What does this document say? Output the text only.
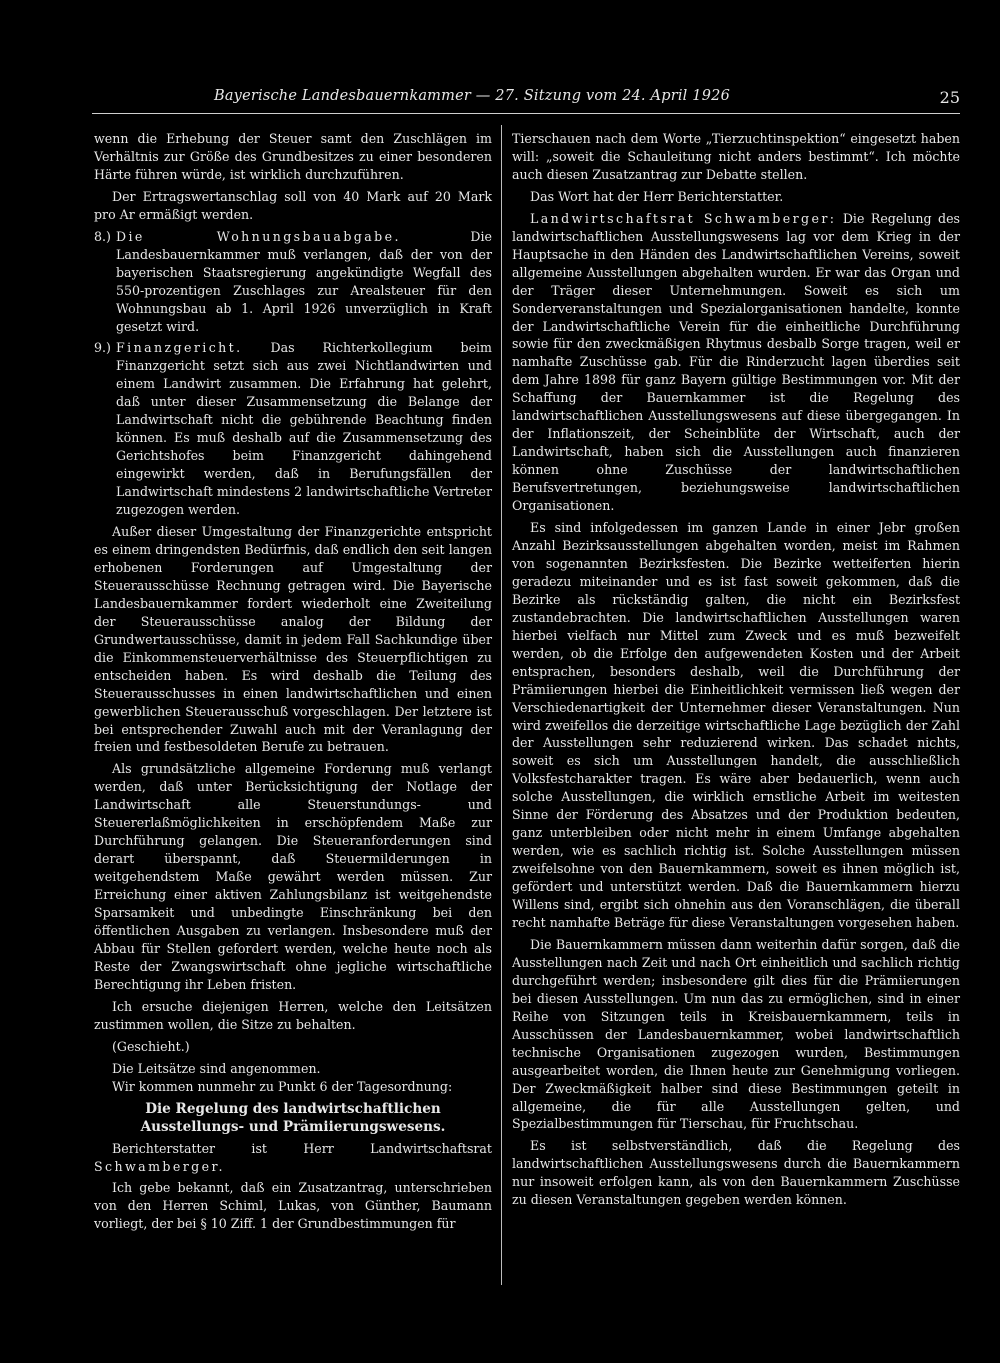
Bayerische Landesbauernkammer — 27. Sitzung vom 24. April 1926	25

wenn die Erhebung der Steuer samt den Zuschlägen im Verhältnis zur Größe des Grundbesitzes zu einer besonderen Härte führen würde, ist wirklich durchzuführen.

Der Ertragswertanschlag soll von 40 Mark auf 20 Mark pro Ar ermäßigt werden.

8.) Die Wohnungsbauabgabe. Die Landesbauernkammer muß verlangen, daß der von der bayerischen Staatsregierung angekündigte Wegfall des 550-prozentigen Zuschlages zur Arealsteuer für den Wohnungsbau ab 1. April 1926 unverzüglich in Kraft gesetzt wird.
9.) Finanzgericht. Das Richterkollegium beim Finanzgericht setzt sich aus zwei Nichtlandwirten und einem Landwirt zusammen. Die Erfahrung hat gelehrt, daß unter dieser Zusammensetzung die Belange der Landwirtschaft nicht die gebührende Beachtung finden können. Es muß deshalb auf die Zusammensetzung des Gerichtshofes beim Finanzgericht dahingehend eingewirkt werden, daß in Berufungsfällen der Landwirtschaft mindestens 2 landwirtschaftliche Vertreter zugezogen werden.

Außer dieser Umgestaltung der Finanzgerichte entspricht es einem dringendsten Bedürfnis, daß endlich den seit langen erhobenen Forderungen auf Umgestaltung der Steuerausschüsse Rechnung getragen wird. Die Bayerische Landesbauernkammer fordert wiederholt eine Zweiteilung der Steuerausschüsse analog der Bildung der Grundwertausschüsse, damit in jedem Fall Sachkundige über die Einkommensteuerverhältnisse des Steuerpflichtigen zu entscheiden haben. Es wird deshalb die Teilung des Steuerausschusses in einen landwirtschaftlichen und einen gewerblichen Steuerausschuß vorgeschlagen. Der letztere ist bei entsprechender Zuwahl auch mit der Veranlagung der freien und festbesoldeten Berufe zu betrauen.

Als grundsätzliche allgemeine Forderung muß verlangt werden, daß unter Berücksichtigung der Notlage der Landwirtschaft alle Steuerstundungs- und Steuererlaßmöglichkeiten in erschöpfendem Maße zur Durchführung gelangen. Die Steueranforderungen sind derart überspannt, daß Steuermilderungen in weitgehendstem Maße gewährt werden müssen. Zur Erreichung einer aktiven Zahlungsbilanz ist weitgehendste Sparsamkeit und unbedingte Einschränkung bei den öffentlichen Ausgaben zu verlangen. Insbesondere muß der Abbau für Stellen gefordert werden, welche heute noch als Reste der Zwangswirtschaft ohne jegliche wirtschaftliche Berechtigung ihr Leben fristen.

Ich ersuche diejenigen Herren, welche den Leitsätzen zustimmen wollen, die Sitze zu behalten.

(Geschieht.)

Die Leitsätze sind angenommen.

Wir kommen nunmehr zu Punkt 6 der Tagesordnung:

Die Regelung des landwirtschaftlichen Ausstellungs- und Prämiierungswesens.

Berichterstatter ist Herr Landwirtschaftsrat Schwamberger.

Ich gebe bekannt, daß ein Zusatzantrag, unterschrieben von den Herren Schiml, Lukas, von Günther, Baumann vorliegt, der bei § 10 Ziff. 1 der Grundbestimmungen für

Tierschauen nach dem Worte „Tierzuchtinspektion“ eingesetzt haben will: „soweit die Schauleitung nicht anders bestimmt“. Ich möchte auch diesen Zusatzantrag zur Debatte stellen.

Das Wort hat der Herr Berichterstatter.

Landwirtschaftsrat Schwamberger: Die Regelung des landwirtschaftlichen Ausstellungswesens lag vor dem Krieg in der Hauptsache in den Händen des Landwirtschaftlichen Vereins, soweit allgemeine Ausstellungen abgehalten wurden. Er war das Organ und der Träger dieser Unternehmungen. Soweit es sich um Sonderveranstaltungen und Spezialorganisationen handelte, konnte der Landwirtschaftliche Verein für die einheitliche Durchführung sowie für den zweckmäßigen Rhytmus desbalb Sorge tragen, weil er namhafte Zuschüsse gab. Für die Rinderzucht lagen überdies seit dem Jahre 1898 für ganz Bayern gültige Bestimmungen vor. Mit der Schaffung der Bauernkammer ist die Regelung des landwirtschaftlichen Ausstellungswesens auf diese übergegangen. In der Inflationszeit, der Scheinblüte der Wirtschaft, auch der Landwirtschaft, haben sich die Ausstellungen auch finanzieren können ohne Zuschüsse der landwirtschaftlichen Berufsvertretungen, beziehungsweise landwirtschaftlichen Organisationen.

Es sind infolgedessen im ganzen Lande in einer Jebr großen Anzahl Bezirksausstellungen abgehalten worden, meist im Rahmen von sogenannten Bezirksfesten. Die Bezirke wetteiferten hierin geradezu miteinander und es ist fast soweit gekommen, daß die Bezirke als rückständig galten, die nicht ein Bezirksfest zustandebrachten. Die landwirtschaftlichen Ausstellungen waren hierbei vielfach nur Mittel zum Zweck und es muß bezweifelt werden, ob die Erfolge den aufgewendeten Kosten und der Arbeit entsprachen, besonders deshalb, weil die Durchführung der Prämiierungen hierbei die Einheitlichkeit vermissen ließ wegen der Verschiedenartigkeit der Unternehmer dieser Veranstaltungen. Nun wird zweifellos die derzeitige wirtschaftliche Lage bezüglich der Zahl der Ausstellungen sehr reduzierend wirken. Das schadet nichts, soweit es sich um Ausstellungen handelt, die ausschließlich Volksfestcharakter tragen. Es wäre aber bedauerlich, wenn auch solche Ausstellungen, die wirklich ernstliche Arbeit im weitesten Sinne der Förderung des Absatzes und der Produktion bedeuten, ganz unterbleiben oder nicht mehr in einem Umfange abgehalten werden, wie es sachlich richtig ist. Solche Ausstellungen müssen zweifelsohne von den Bauernkammern, soweit es ihnen möglich ist, gefördert und unterstützt werden. Daß die Bauernkammern hierzu Willens sind, ergibt sich ohnehin aus den Voranschlägen, die überall recht namhafte Beträge für diese Veranstaltungen vorgesehen haben.

Die Bauernkammern müssen dann weiterhin dafür sorgen, daß die Ausstellungen nach Zeit und nach Ort einheitlich und sachlich richtig durchgeführt werden; insbesondere gilt dies für die Prämiierungen bei diesen Ausstellungen. Um nun das zu ermöglichen, sind in einer Reihe von Sitzungen teils in Kreisbauernkammern, teils in Ausschüssen der Landesbauernkammer, wobei landwirtschaftlich technische Organisationen zugezogen wurden, Bestimmungen ausgearbeitet worden, die Ihnen heute zur Genehmigung vorliegen. Der Zweckmäßigkeit halber sind diese Bestimmungen geteilt in allgemeine, die für alle Ausstellungen gelten, und Spezialbestimmungen für Tierschau, für Fruchtschau.

Es ist selbstverständlich, daß die Regelung des landwirtschaftlichen Ausstellungswesens durch die Bauernkammern nur insoweit erfolgen kann, als von den Bauernkammern Zuschüsse zu diesen Veranstaltungen gegeben werden können.
